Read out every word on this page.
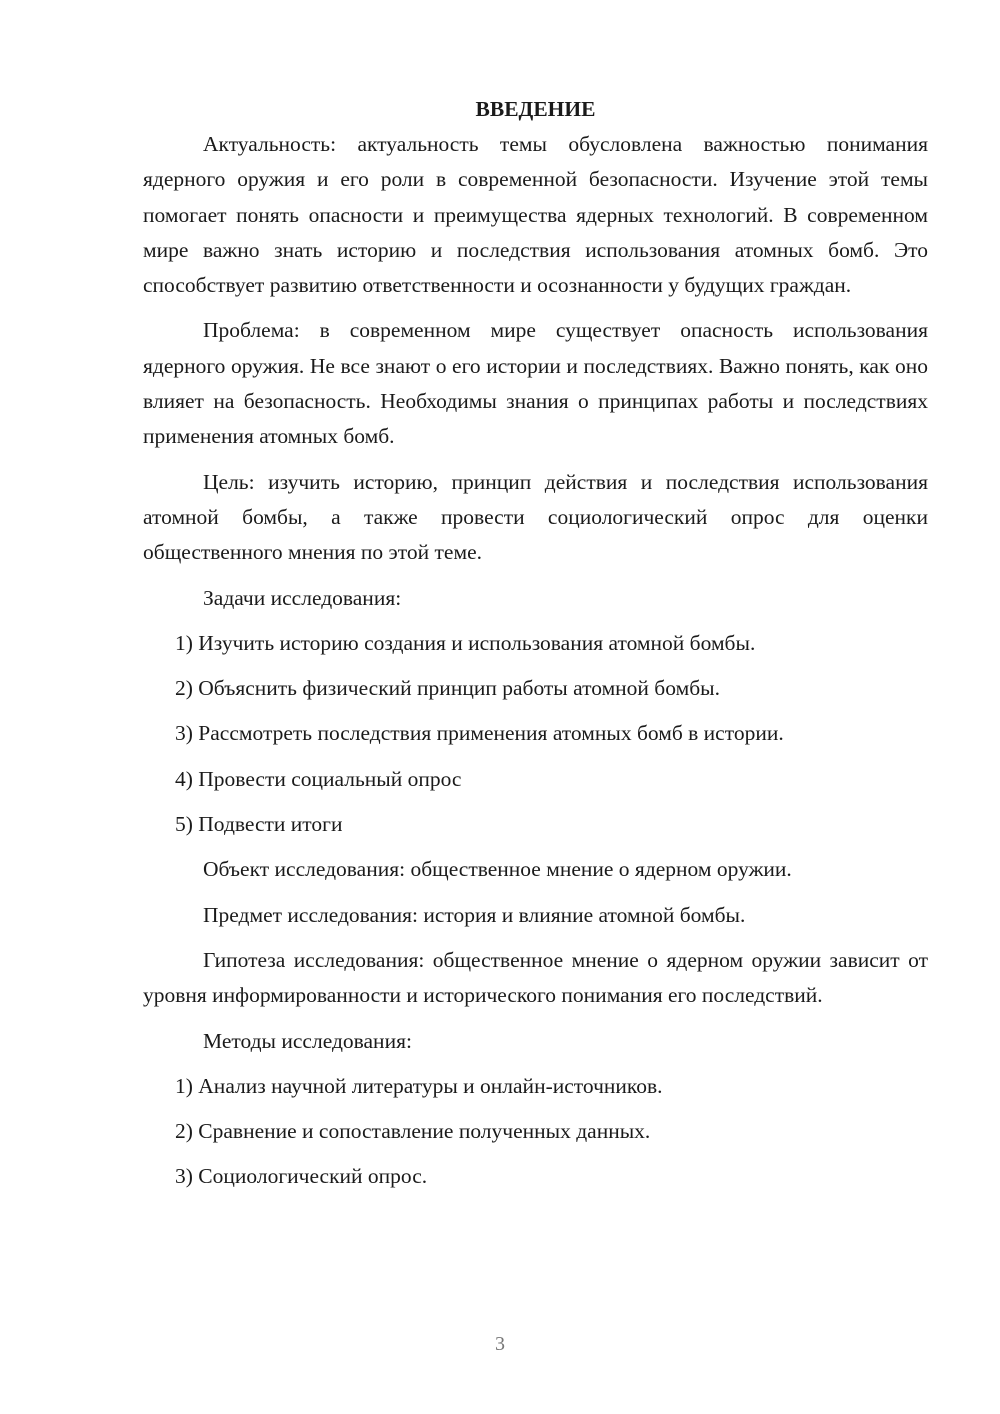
ВВЕДЕНИЕ

Актуальность: актуальность темы обусловлена важностью понимания ядерного оружия и его роли в современной безопасности. Изучение этой темы помогает понять опасности и преимущества ядерных технологий. В современном мире важно знать историю и последствия использования атомных бомб. Это способствует развитию ответственности и осознанности у будущих граждан.

Проблема: в современном мире существует опасность использования ядерного оружия. Не все знают о его истории и последствиях. Важно понять, как оно влияет на безопасность. Необходимы знания о принципах работы и последствиях применения атомных бомб.

Цель: изучить историю, принцип действия и последствия использования атомной бомбы, а также провести социологический опрос для оценки общественного мнения по этой теме.

Задачи исследования:
1) Изучить историю создания и использования атомной бомбы.
2) Объяснить физический принцип работы атомной бомбы.
3) Рассмотреть последствия применения атомных бомб в истории.
4) Провести социальный опрос
5) Подвести итоги
Объект исследования: общественное мнение о ядерном оружии.
Предмет исследования: история и влияние атомной бомбы.

Гипотеза исследования: общественное мнение о ядерном оружии зависит от уровня информированности и исторического понимания его последствий.

Методы исследования:
1) Анализ научной литературы и онлайн-источников.
2) Сравнение и сопоставление полученных данных.
3) Социологический опрос.
3
